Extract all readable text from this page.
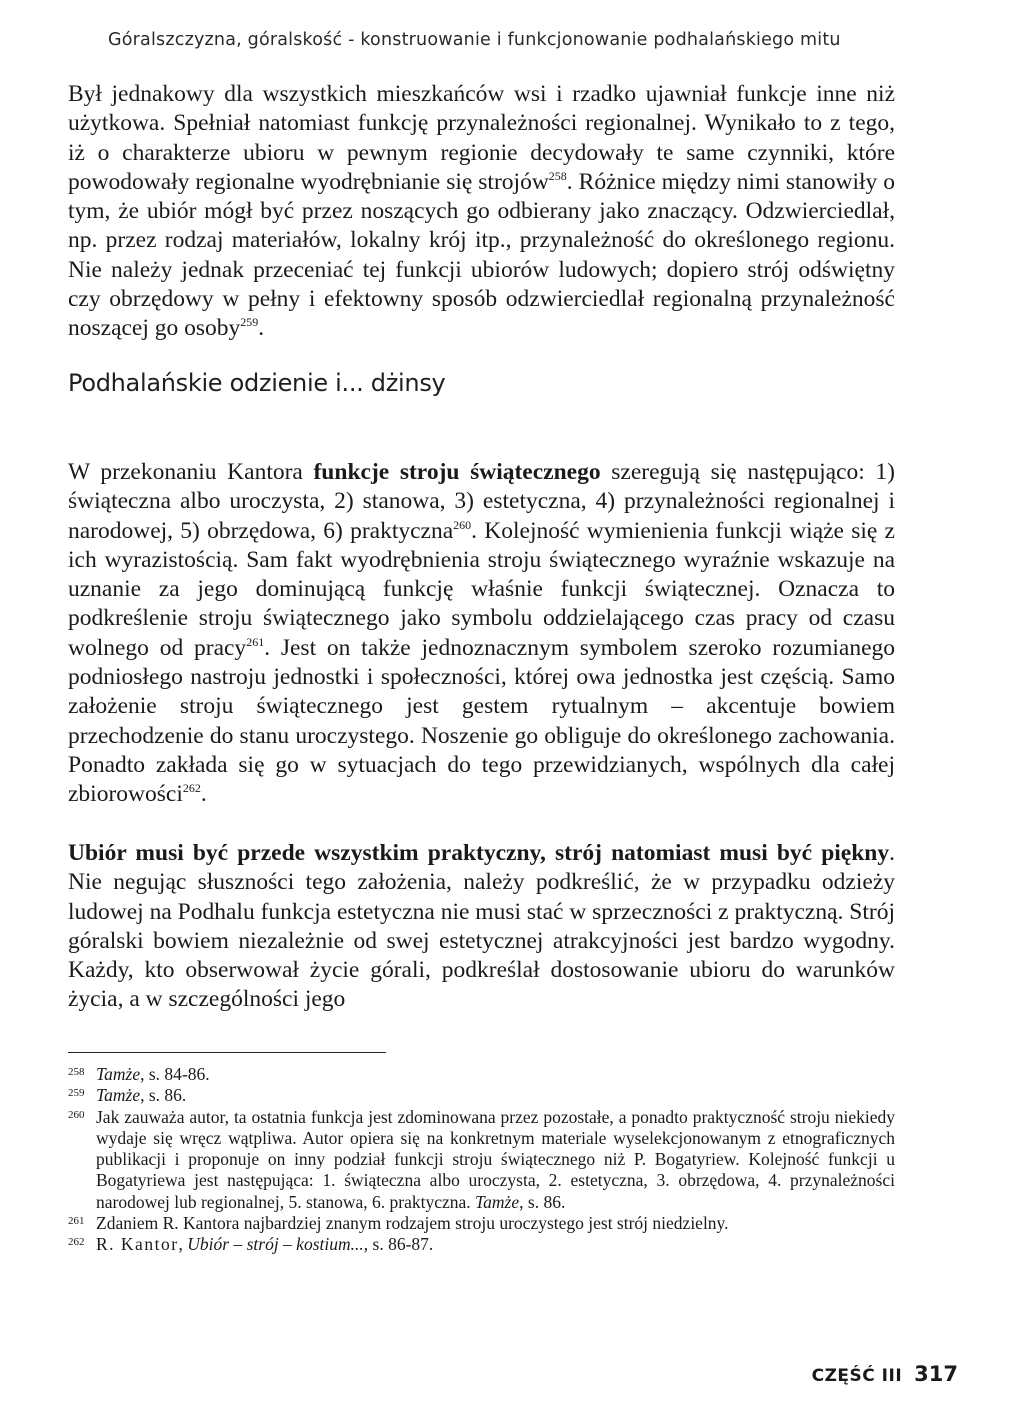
Góralszczyzna, góralskość - konstruowanie i funkcjonowanie podhalańskiego mitu

Był jednakowy dla wszystkich mieszkańców wsi i rzadko ujawniał funkcje inne niż użytkowa. Spełniał natomiast funkcję przynależności regionalnej. Wynikało to z tego, iż o charakterze ubioru w pewnym regionie decydowały te same czynniki, które powodowały regionalne wyodrębnianie się strojów$^{258}$. Różnice między nimi stanowiły o tym, że ubiór mógł być przez noszących go odbierany jako znaczący. Odzwierciedlał, np. przez rodzaj materiałów, lokalny krój itp., przynależność do określonego regionu. Nie należy jednak przeceniać tej funkcji ubiorów ludowych; dopiero strój odświętny czy obrzędowy w pełny i efektowny sposób odzwierciedlał regionalną przynależność noszącej go osoby$^{259}$.

Podhalańskie odzienie i... dżinsy

W przekonaniu Kantora funkcje stroju świątecznego szeregują się następująco: 1) świąteczna albo uroczysta, 2) stanowa, 3) estetyczna, 4) przynależności regionalnej i narodowej, 5) obrzędowa, 6) praktyczna$^{260}$. Kolejność wymienienia funkcji wiąże się z ich wyrazistością. Sam fakt wyodrębnienia stroju świątecznego wyraźnie wskazuje na uznanie za jego dominującą funkcję właśnie funkcji świątecznej. Oznacza to podkreślenie stroju świątecznego jako symbolu oddzielającego czas pracy od czasu wolnego od pracy$^{261}$. Jest on także jednoznacznym symbolem szeroko rozumianego podniosłego nastroju jednostki i społeczności, której owa jednostka jest częścią. Samo założenie stroju świątecznego jest gestem rytualnym – akcentuje bowiem przechodzenie do stanu uroczystego. Noszenie go obliguje do określonego zachowania. Ponadto zakłada się go w sytuacjach do tego przewidzianych, wspólnych dla całej zbiorowości$^{262}$.

Ubiór musi być przede wszystkim praktyczny, strój natomiast musi być piękny. Nie negując słuszności tego założenia, należy podkreślić, że w przypadku odzieży ludowej na Podhalu funkcja estetyczna nie musi stać w sprzeczności z praktyczną. Strój góralski bowiem niezależnie od swej estetycznej atrakcyjności jest bardzo wygodny. Każdy, kto obserwował życie górali, podkreślał dostosowanie ubioru do warunków życia, a w szczególności jego

258 Tamże, s. 84-86.
259 Tamże, s. 86.
260 Jak zauważa autor, ta ostatnia funkcja jest zdominowana przez pozostałe, a ponadto praktyczność stroju niekiedy wydaje się wręcz wątpliwa. Autor opiera się na konkretnym materiale wyselekcjonowanym z etnograficznych publikacji i proponuje on inny podział funkcji stroju świątecznego niż P. Bogatyriew. Kolejność funkcji u Bogatyriewa jest następująca: 1. świąteczna albo uroczysta, 2. estetyczna, 3. obrzędowa, 4. przynależności narodowej lub regionalnej, 5. stanowa, 6. praktyczna. Tamże, s. 86.
261 Zdaniem R. Kantora najbardziej znanym rodzajem stroju uroczystego jest strój niedzielny.
262 R. Kantor, Ubiór – strój – kostium..., s. 86-87.
CZĘŚĆ III 317
